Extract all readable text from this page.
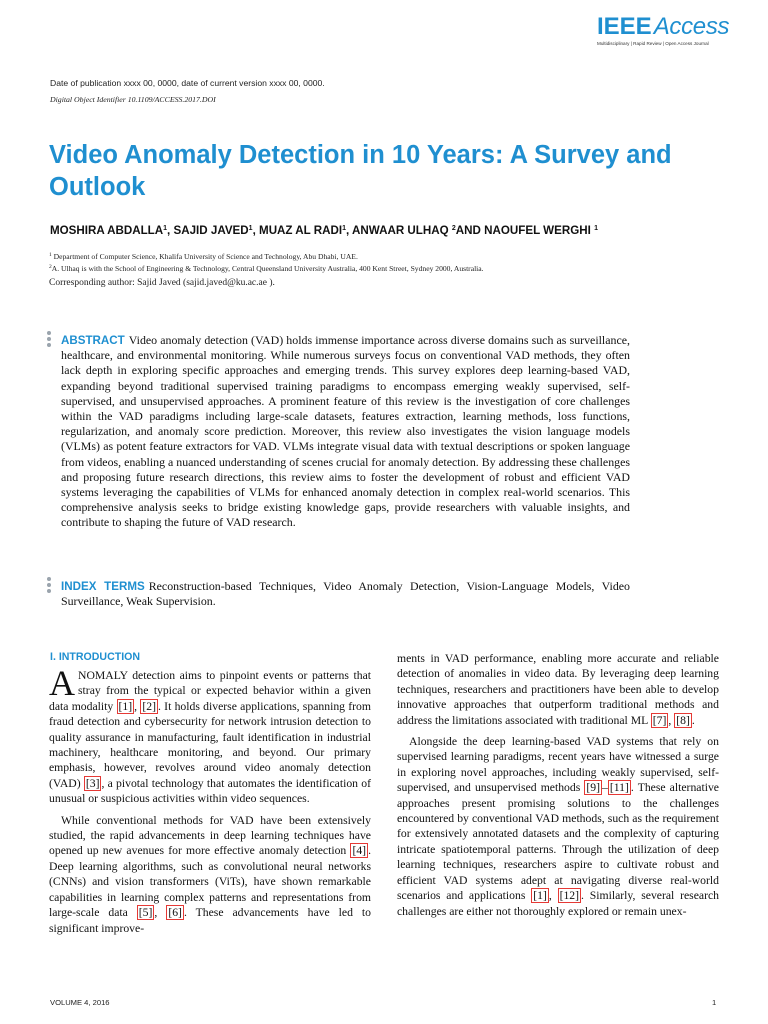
IEEEAccess
Multidisciplinary | Rapid Review | Open Access Journal
Date of publication xxxx 00, 0000, date of current version xxxx 00, 0000.
Digital Object Identifier 10.1109/ACCESS.2017.DOI
Video Anomaly Detection in 10 Years: A Survey and Outlook
MOSHIRA ABDALLA$^1$, SAJID JAVED$^1$, MUAZ AL RADI$^1$, ANWAAR ULHAQ $^2$AND NAOUFEL WERGHI $^1$
$^1$ Department of Computer Science, Khalifa University of Science and Technology, Abu Dhabi, UAE.
$^2$A. Ulhaq is with the School of Engineering & Technology, Central Queensland University Australia, 400 Kent Street, Sydney 2000, Australia.
Corresponding author: Sajid Javed (sajid.javed@ku.ac.ae ).
ABSTRACT Video anomaly detection (VAD) holds immense importance across diverse domains such as surveillance, healthcare, and environmental monitoring. While numerous surveys focus on conventional VAD methods, they often lack depth in exploring specific approaches and emerging trends. This survey explores deep learning-based VAD, expanding beyond traditional supervised training paradigms to encompass emerging weakly supervised, self-supervised, and unsupervised approaches. A prominent feature of this review is the investigation of core challenges within the VAD paradigms including large-scale datasets, features extraction, learning methods, loss functions, regularization, and anomaly score prediction. Moreover, this review also investigates the vision language models (VLMs) as potent feature extractors for VAD. VLMs integrate visual data with textual descriptions or spoken language from videos, enabling a nuanced understanding of scenes crucial for anomaly detection. By addressing these challenges and proposing future research directions, this review aims to foster the development of robust and efficient VAD systems leveraging the capabilities of VLMs for enhanced anomaly detection in complex real-world scenarios. This comprehensive analysis seeks to bridge existing knowledge gaps, provide researchers with valuable insights, and contribute to shaping the future of VAD research.
INDEX TERMS Reconstruction-based Techniques, Video Anomaly Detection, Vision-Language Models, Video Surveillance, Weak Supervision.
I. INTRODUCTION

ANOMALY detection aims to pinpoint events or patterns that stray from the typical or expected behavior within a given data modality [1] , [2] . It holds diverse applications, spanning from fraud detection and cybersecurity for network intrusion detection to quality assurance in manufacturing, fault identification in industrial machinery, healthcare monitoring, and beyond. Our primary emphasis, however, revolves around video anomaly detection (VAD) [3] , a pivotal technology that automates the identification of unusual or suspicious activities within video sequences.

While conventional methods for VAD have been extensively studied, the rapid advancements in deep learning techniques have opened up new avenues for more effective anomaly detection [4] . Deep learning algorithms, such as convolutional neural networks (CNNs) and vision transformers (ViTs), have shown remarkable capabilities in learning complex patterns and representations from large-scale data [5] , [6] . These advancements have led to significant improve-

ments in VAD performance, enabling more accurate and reliable detection of anomalies in video data. By leveraging deep learning techniques, researchers and practitioners have been able to develop innovative approaches that outperform traditional methods and address the limitations associated with traditional ML [7] , [8] .

Alongside the deep learning-based VAD systems that rely on supervised learning paradigms, recent years have witnessed a surge in exploring novel approaches, including weakly supervised, self-supervised, and unsupervised methods [9] – [11] . These alternative approaches present promising solutions to the challenges encountered by conventional VAD methods, such as the requirement for extensively annotated datasets and the complexity of capturing intricate spatiotemporal patterns. Through the utilization of deep learning techniques, researchers aspire to cultivate robust and efficient VAD systems adept at navigating diverse real-world scenarios and applications [1] , [12] . Similarly, several research challenges are either not thoroughly explored or remain unex-

VOLUME 4, 2016	1
